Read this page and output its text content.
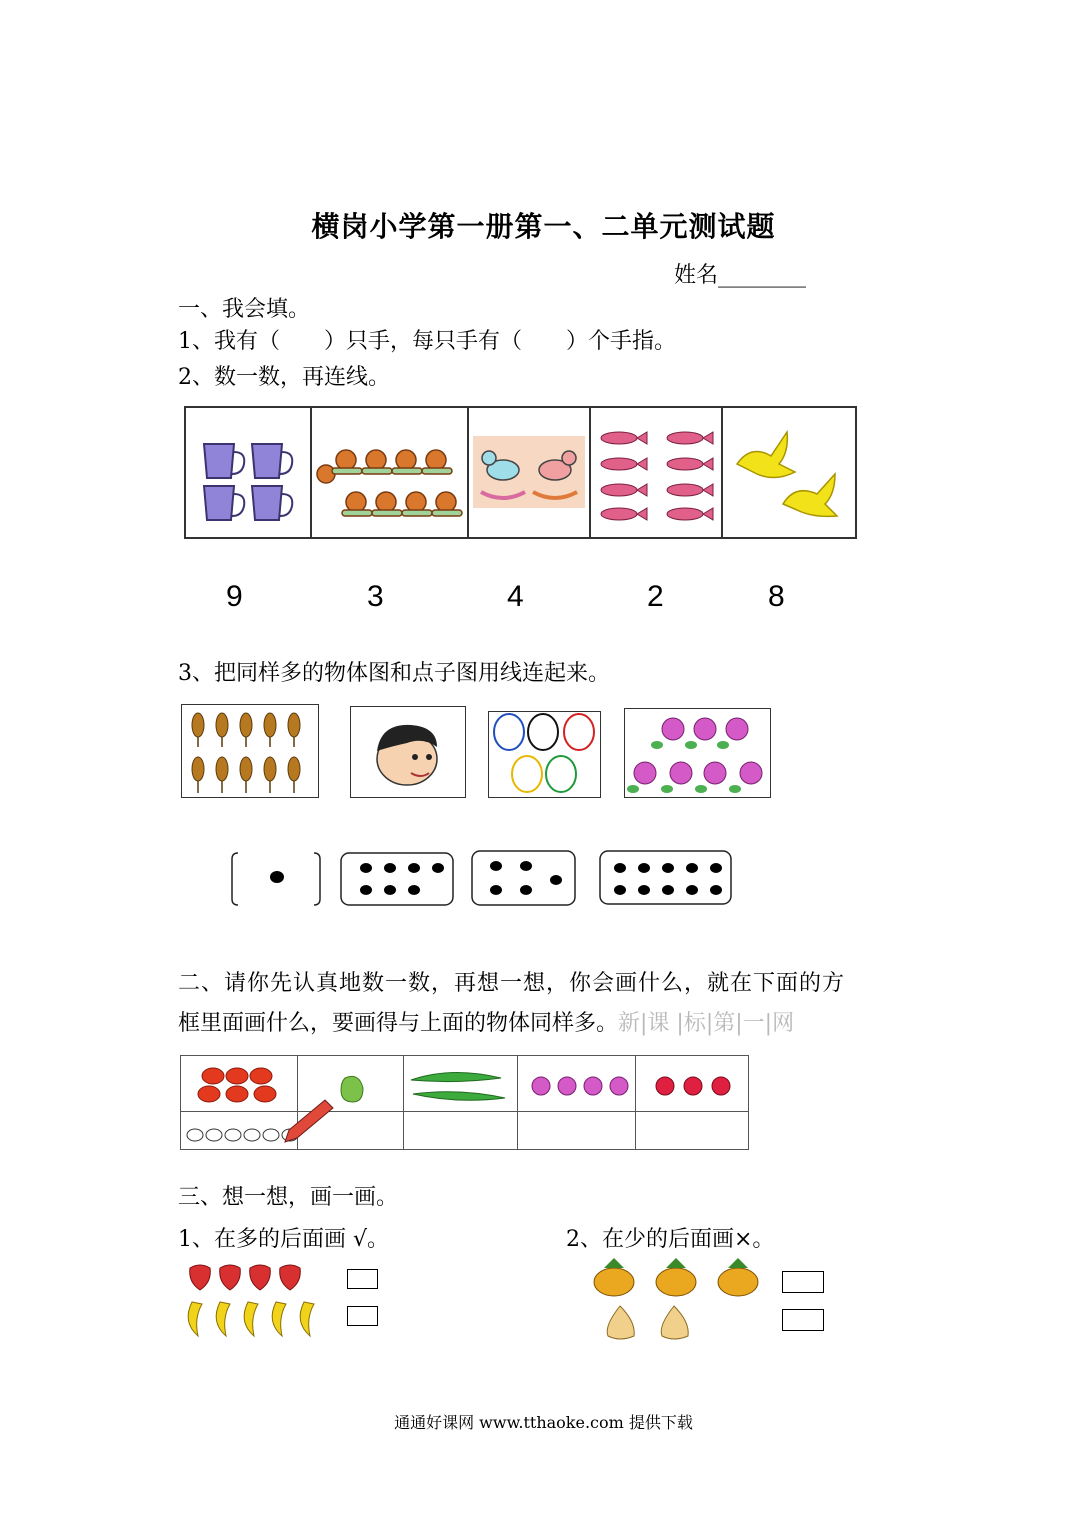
横岗小学第一册第一、二单元测试题
姓名________
一、我会填。
1、我有（　　）只手，每只手有（　　）个手指。
2、数一数，再连线。
9	3	4	2	8
3、把同样多的物体图和点子图用线连起来。
二、请你先认真地数一数，再想一想，你会画什么，就在下面的方
框里面画什么，要画得与上面的物体同样多。新|课 |标|第|一|网
三、想一想，画一画。
1、在多的后面画 √。	2、在少的后面画×。
通通好课网 www.tthaoke.com 提供下载
